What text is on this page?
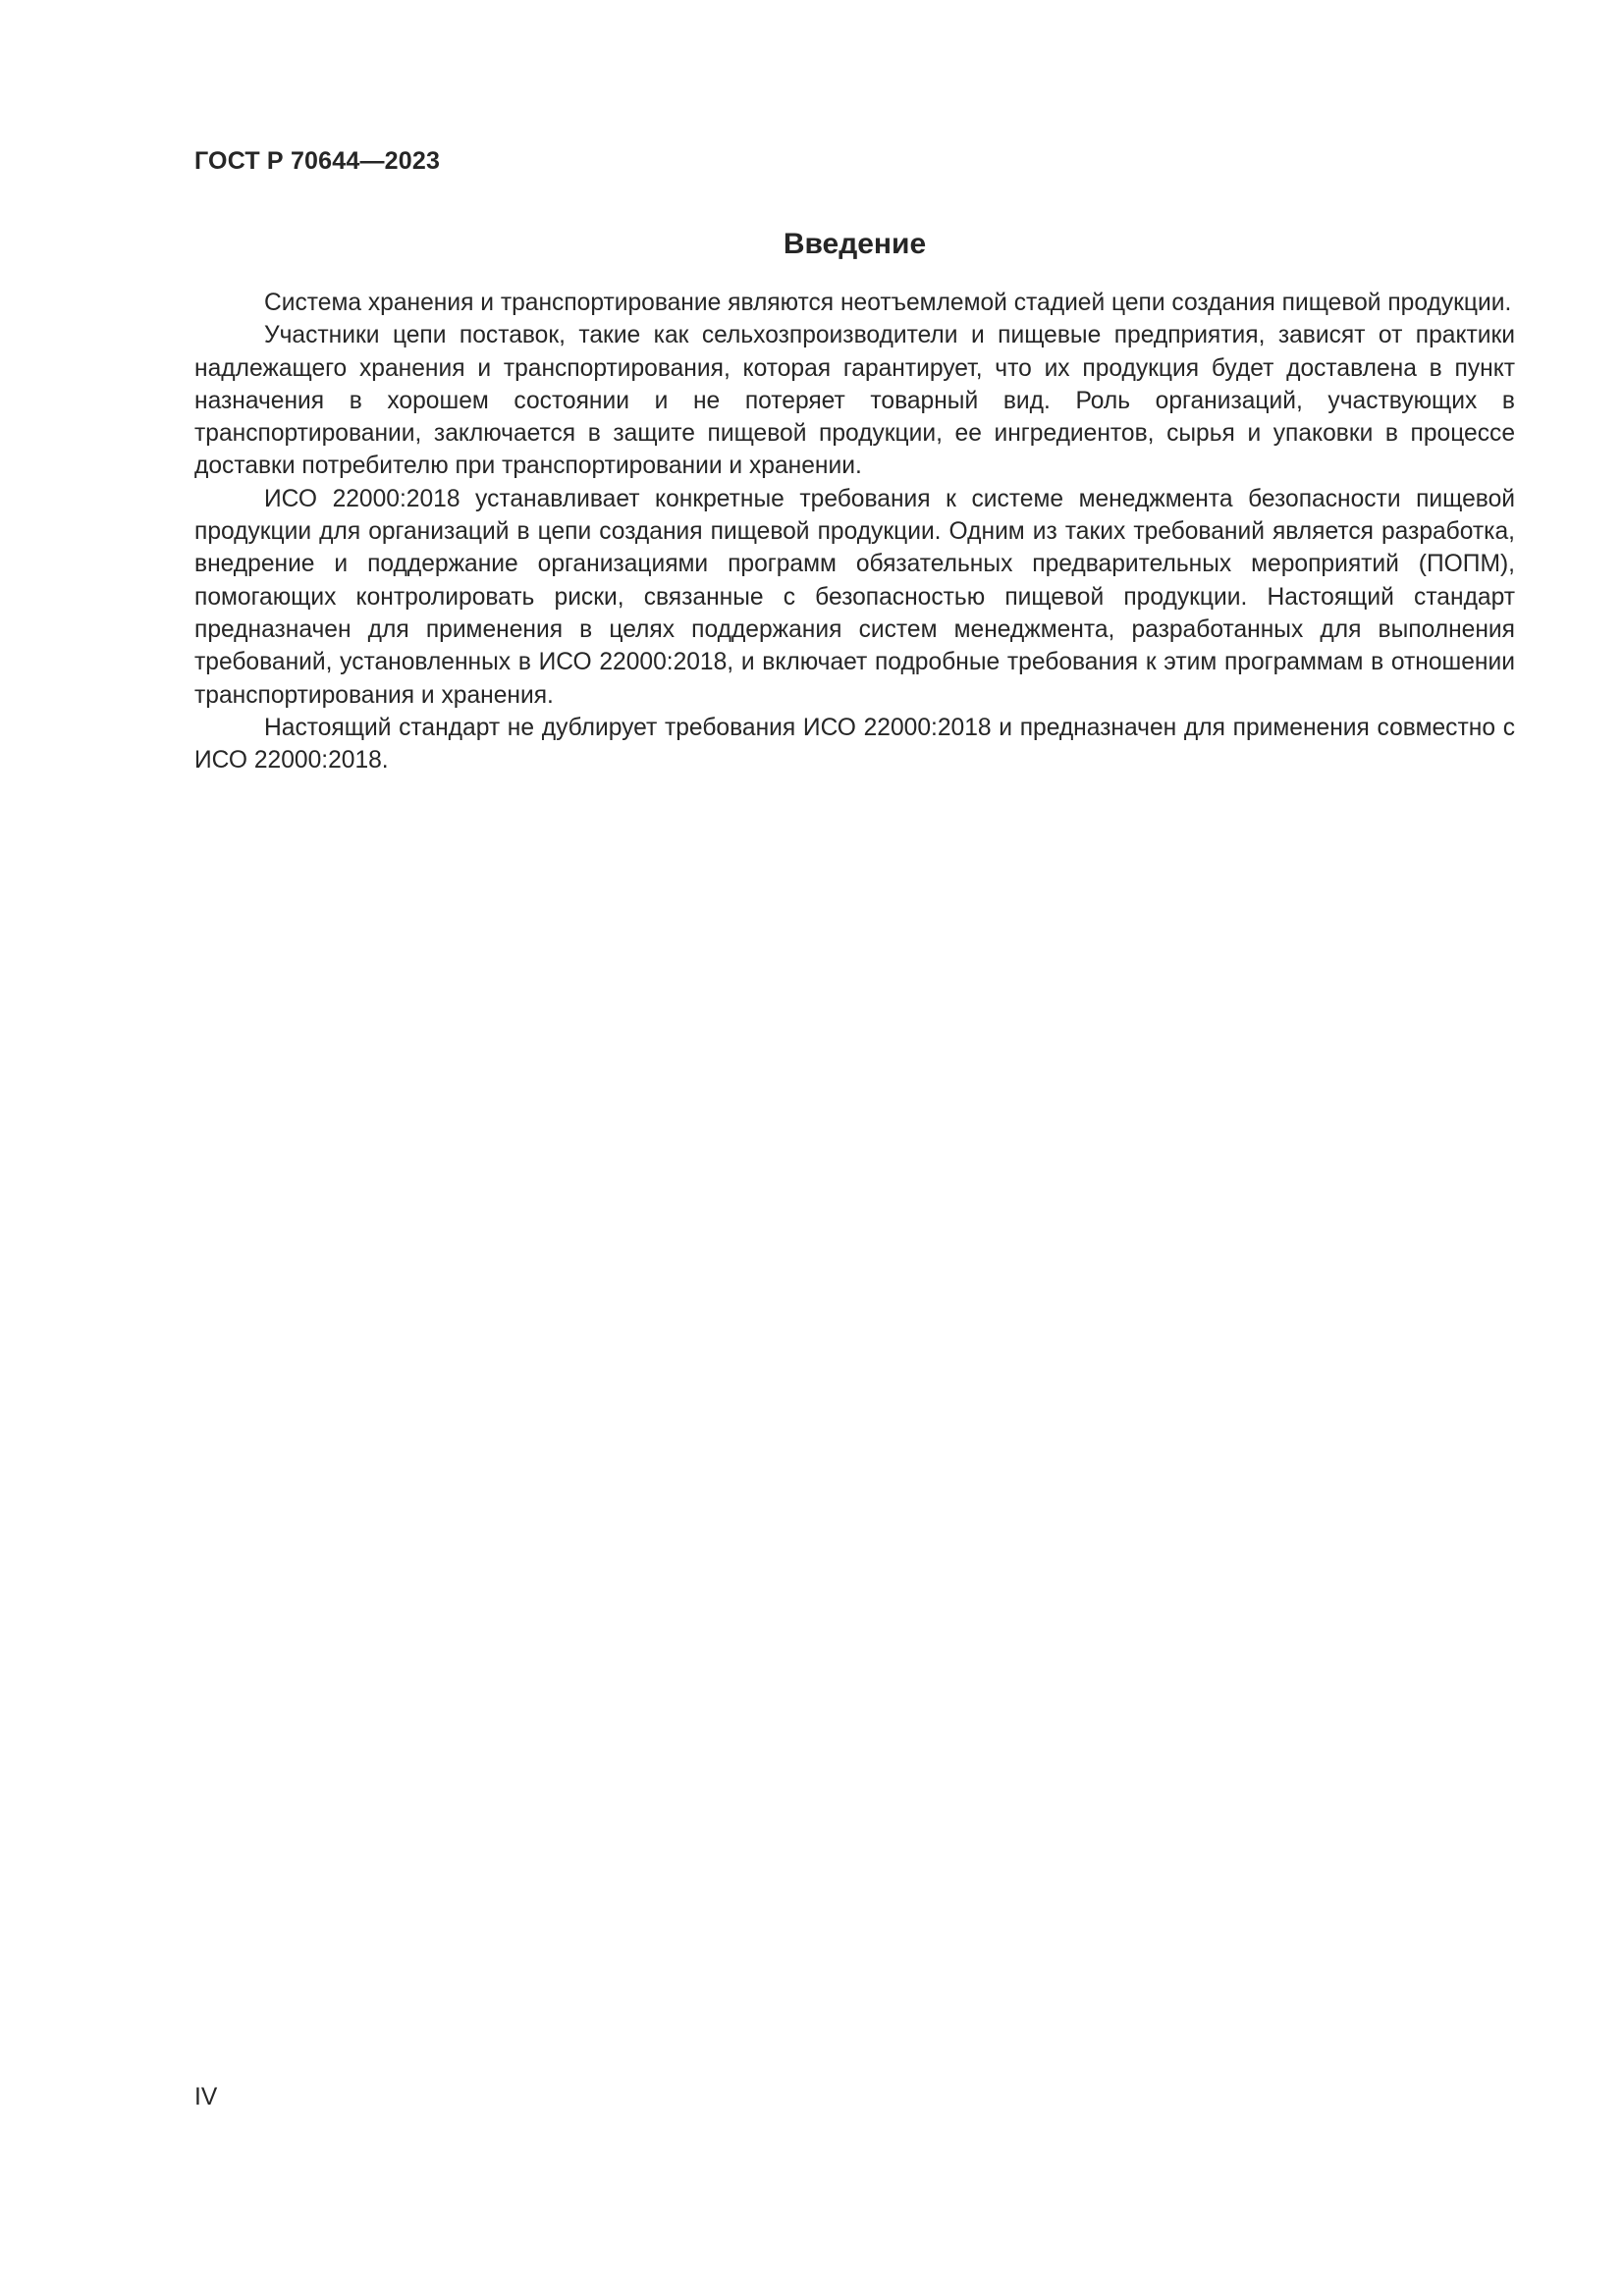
ГОСТ Р 70644—2023
Введение

Система хранения и транспортирование являются неотъемлемой стадией цепи создания пищевой продукции.

Участники цепи поставок, такие как сельхозпроизводители и пищевые предприятия, зависят от практики надлежащего хранения и транспортирования, которая гарантирует, что их продукция будет доставлена в пункт назначения в хорошем состоянии и не потеряет товарный вид. Роль организаций, участвующих в транспортировании, заключается в защите пищевой продукции, ее ингредиентов, сырья и упаковки в процессе доставки потребителю при транспортировании и хранении.

ИСО 22000:2018 устанавливает конкретные требования к системе менеджмента безопасности пищевой продукции для организаций в цепи создания пищевой продукции. Одним из таких требований является разработка, внедрение и поддержание организациями программ обязательных предварительных мероприятий (ПОПМ), помогающих контролировать риски, связанные с безопасностью пищевой продукции. Настоящий стандарт предназначен для применения в целях поддержания систем менеджмента, разработанных для выполнения требований, установленных в ИСО 22000:2018, и включает подробные требования к этим программам в отношении транспортирования и хранения.

Настоящий стандарт не дублирует требования ИСО 22000:2018 и предназначен для применения совместно с ИСО 22000:2018.

IV
